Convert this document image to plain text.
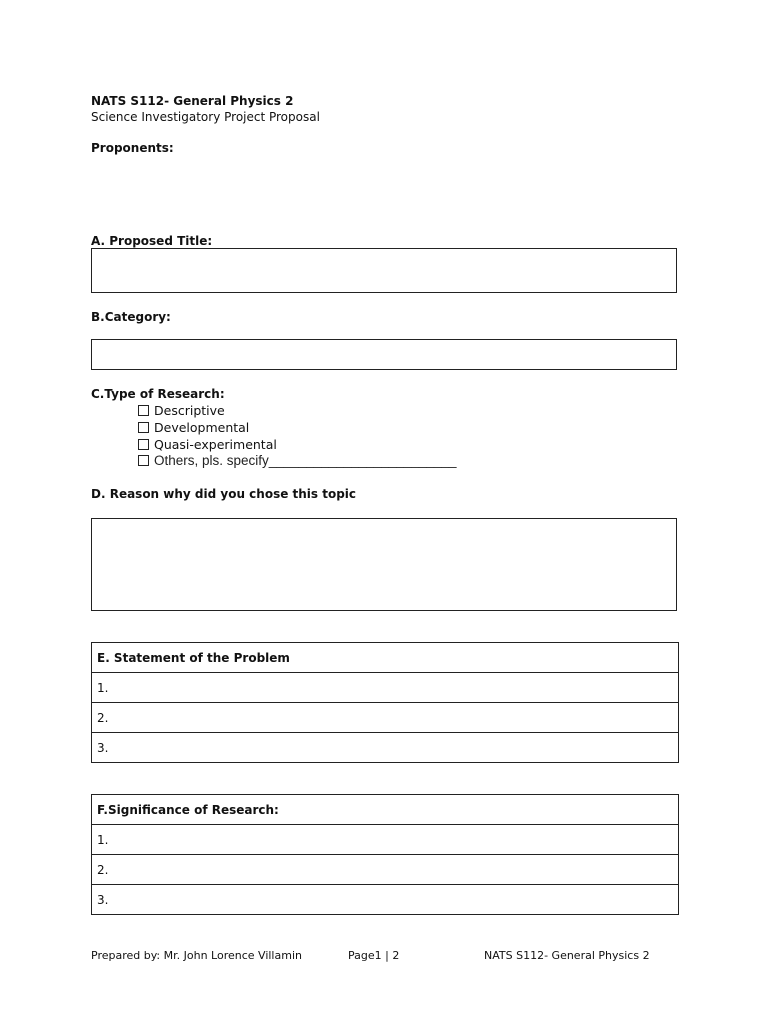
NATS S112- General Physics 2
Science Investigatory Project Proposal
Proponents:
A. Proposed Title:
B.Category:
C.Type of Research:
Descriptive
Developmental
Quasi-experimental
Others, pls. specify_________________________
D. Reason why did you chose this topic
E. Statement of the Problem
1.
2.
3.
F.Significance of Research:
1.
2.
3.
Prepared by: Mr. John Lorence Villamin	Page1 | 2	NATS S112- General Physics 2
